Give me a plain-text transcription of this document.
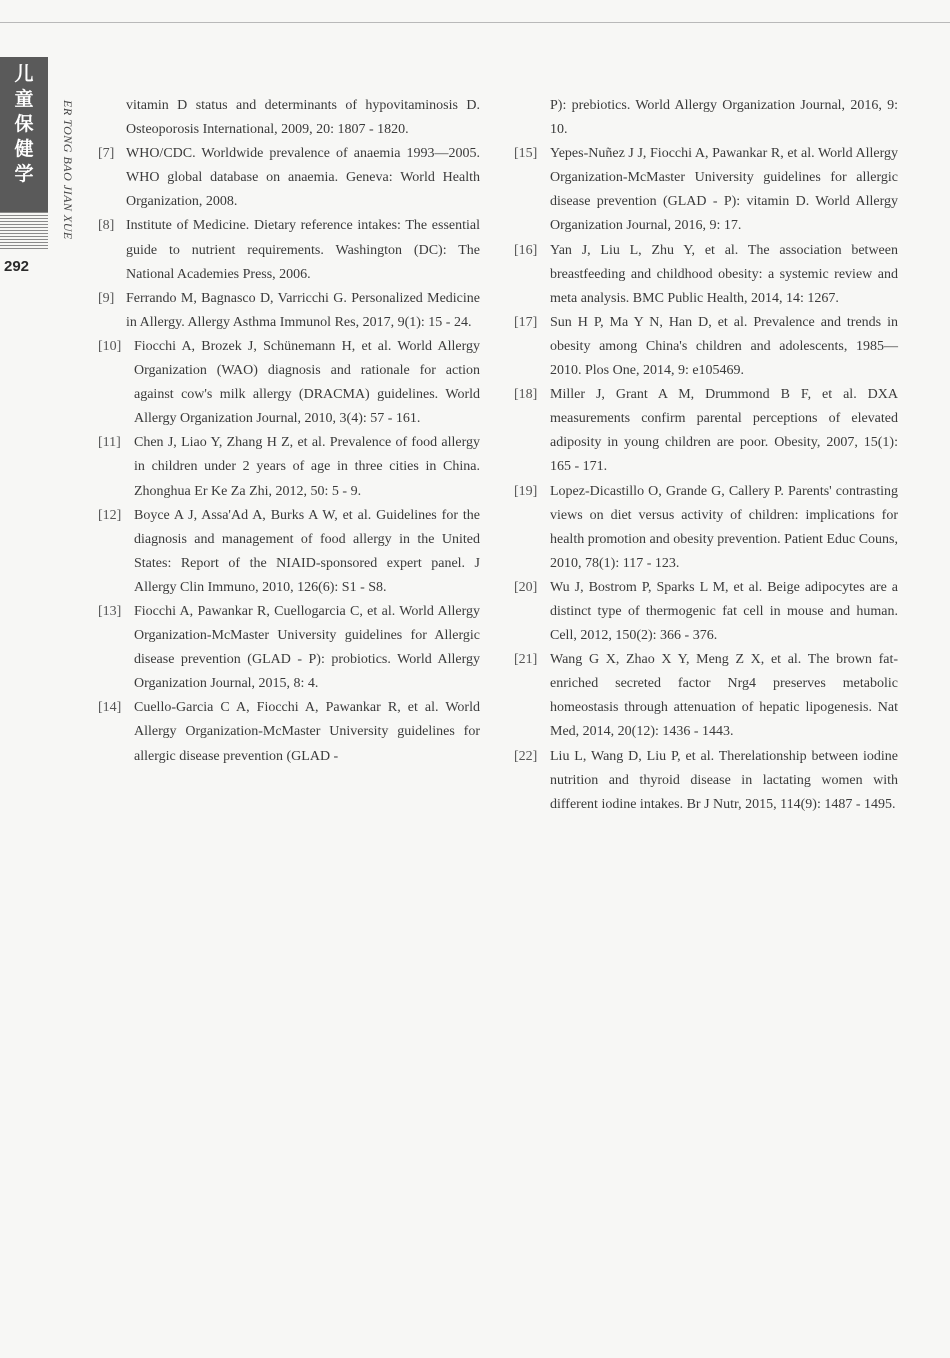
儿
童
保
健
学 ER TONG BAO JIAN XUE
292
vitamin D status and determinants of hypovitaminosis D. Osteoporosis International, 2009, 20: 1807 - 1820.
[7] WHO/CDC. Worldwide prevalence of anaemia 1993—2005. WHO global database on anaemia. Geneva: World Health Organization, 2008.
[8] Institute of Medicine. Dietary reference intakes: The essential guide to nutrient requirements. Washington (DC): The National Academies Press, 2006.
[9] Ferrando M, Bagnasco D, Varricchi G. Personalized Medicine in Allergy. Allergy Asthma Immunol Res, 2017, 9(1): 15 - 24.
[10] Fiocchi A, Brozek J, Schünemann H, et al. World Allergy Organization (WAO) diagnosis and rationale for action against cow's milk allergy (DRACMA) guidelines. World Allergy Organization Journal, 2010, 3(4): 57 - 161.
[11] Chen J, Liao Y, Zhang H Z, et al. Prevalence of food allergy in children under 2 years of age in three cities in China. Zhonghua Er Ke Za Zhi, 2012, 50: 5 - 9.
[12] Boyce A J, Assa'Ad A, Burks A W, et al. Guidelines for the diagnosis and management of food allergy in the United States: Report of the NIAID-sponsored expert panel. J Allergy Clin Immuno, 2010, 126(6): S1 - S8.
[13] Fiocchi A, Pawankar R, Cuellogarcia C, et al. World Allergy Organization-McMaster University guidelines for Allergic disease prevention (GLAD - P): probiotics. World Allergy Organization Journal, 2015, 8: 4.
[14] Cuello-Garcia C A, Fiocchi A, Pawankar R, et al. World Allergy Organization-McMaster University guidelines for allergic disease prevention (GLAD -
P): prebiotics. World Allergy Organization Journal, 2016, 9: 10.
[15] Yepes-Nuñez J J, Fiocchi A, Pawankar R, et al. World Allergy Organization-McMaster University guidelines for allergic disease prevention (GLAD - P): vitamin D. World Allergy Organization Journal, 2016, 9: 17.
[16] Yan J, Liu L, Zhu Y, et al. The association between breastfeeding and childhood obesity: a systemic review and meta analysis. BMC Public Health, 2014, 14: 1267.
[17] Sun H P, Ma Y N, Han D, et al. Prevalence and trends in obesity among China's children and adolescents, 1985—2010. Plos One, 2014, 9: e105469.
[18] Miller J, Grant A M, Drummond B F, et al. DXA measurements confirm parental perceptions of elevated adiposity in young children are poor. Obesity, 2007, 15(1): 165 - 171.
[19] Lopez-Dicastillo O, Grande G, Callery P. Parents' contrasting views on diet versus activity of children: implications for health promotion and obesity prevention. Patient Educ Couns, 2010, 78(1): 117 - 123.
[20] Wu J, Bostrom P, Sparks L M, et al. Beige adipocytes are a distinct type of thermogenic fat cell in mouse and human. Cell, 2012, 150(2): 366 - 376.
[21] Wang G X, Zhao X Y, Meng Z X, et al. The brown fat-enriched secreted factor Nrg4 preserves metabolic homeostasis through attenuation of hepatic lipogenesis. Nat Med, 2014, 20(12): 1436 - 1443.
[22] Liu L, Wang D, Liu P, et al. Therelationship between iodine nutrition and thyroid disease in lactating women with different iodine intakes. Br J Nutr, 2015, 114(9): 1487 - 1495.
